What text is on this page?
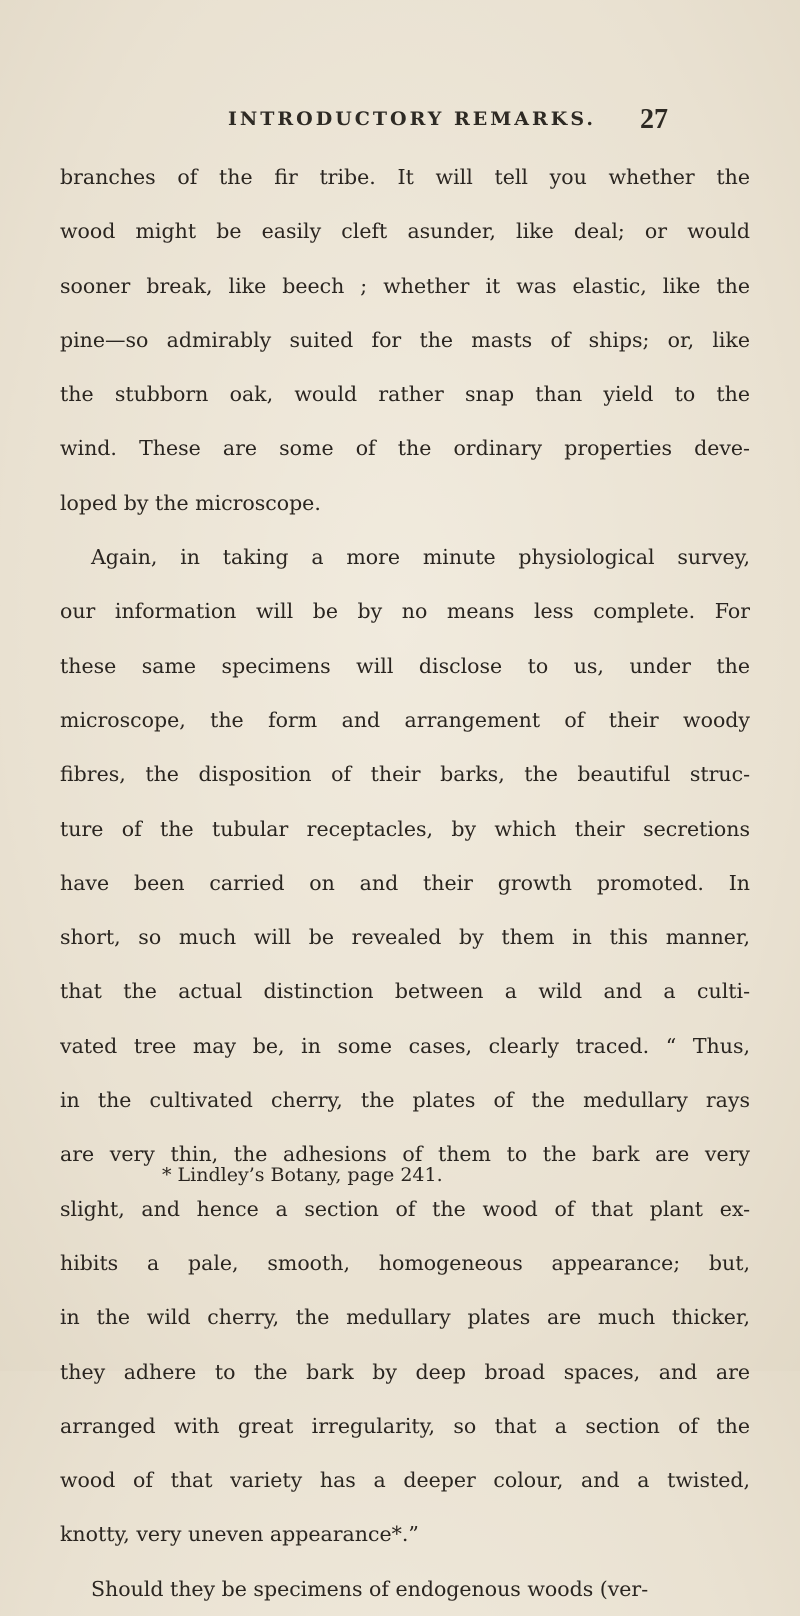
INTRODUCTORY REMARKS. 27
branches of the fir tribe. It will tell you whether the
wood might be easily cleft asunder, like deal; or would
sooner break, like beech ; whether it was elastic, like the
pine—so admirably suited for the masts of ships; or, like
the stubborn oak, would rather snap than yield to the
wind. These are some of the ordinary properties deve-
loped by the microscope.
Again, in taking a more minute physiological survey,
our information will be by no means less complete. For
these same specimens will disclose to us, under the
microscope, the form and arrangement of their woody
fibres, the disposition of their barks, the beautiful struc-
ture of the tubular receptacles, by which their secretions
have been carried on and their growth promoted. In
short, so much will be revealed by them in this manner,
that the actual distinction between a wild and a culti-
vated tree may be, in some cases, clearly traced. “ Thus,
in the cultivated cherry, the plates of the medullary rays
are very thin, the adhesions of them to the bark are very
slight, and hence a section of the wood of that plant ex-
hibits a pale, smooth, homogeneous appearance; but,
in the wild cherry, the medullary plates are much thicker,
they adhere to the bark by deep broad spaces, and are
arranged with great irregularity, so that a section of the
wood of that variety has a deeper colour, and a twisted,
knotty, very uneven appearance*.”
Should they be specimens of endogenous woods (ver-
* Lindley’s Botany, page 241.
